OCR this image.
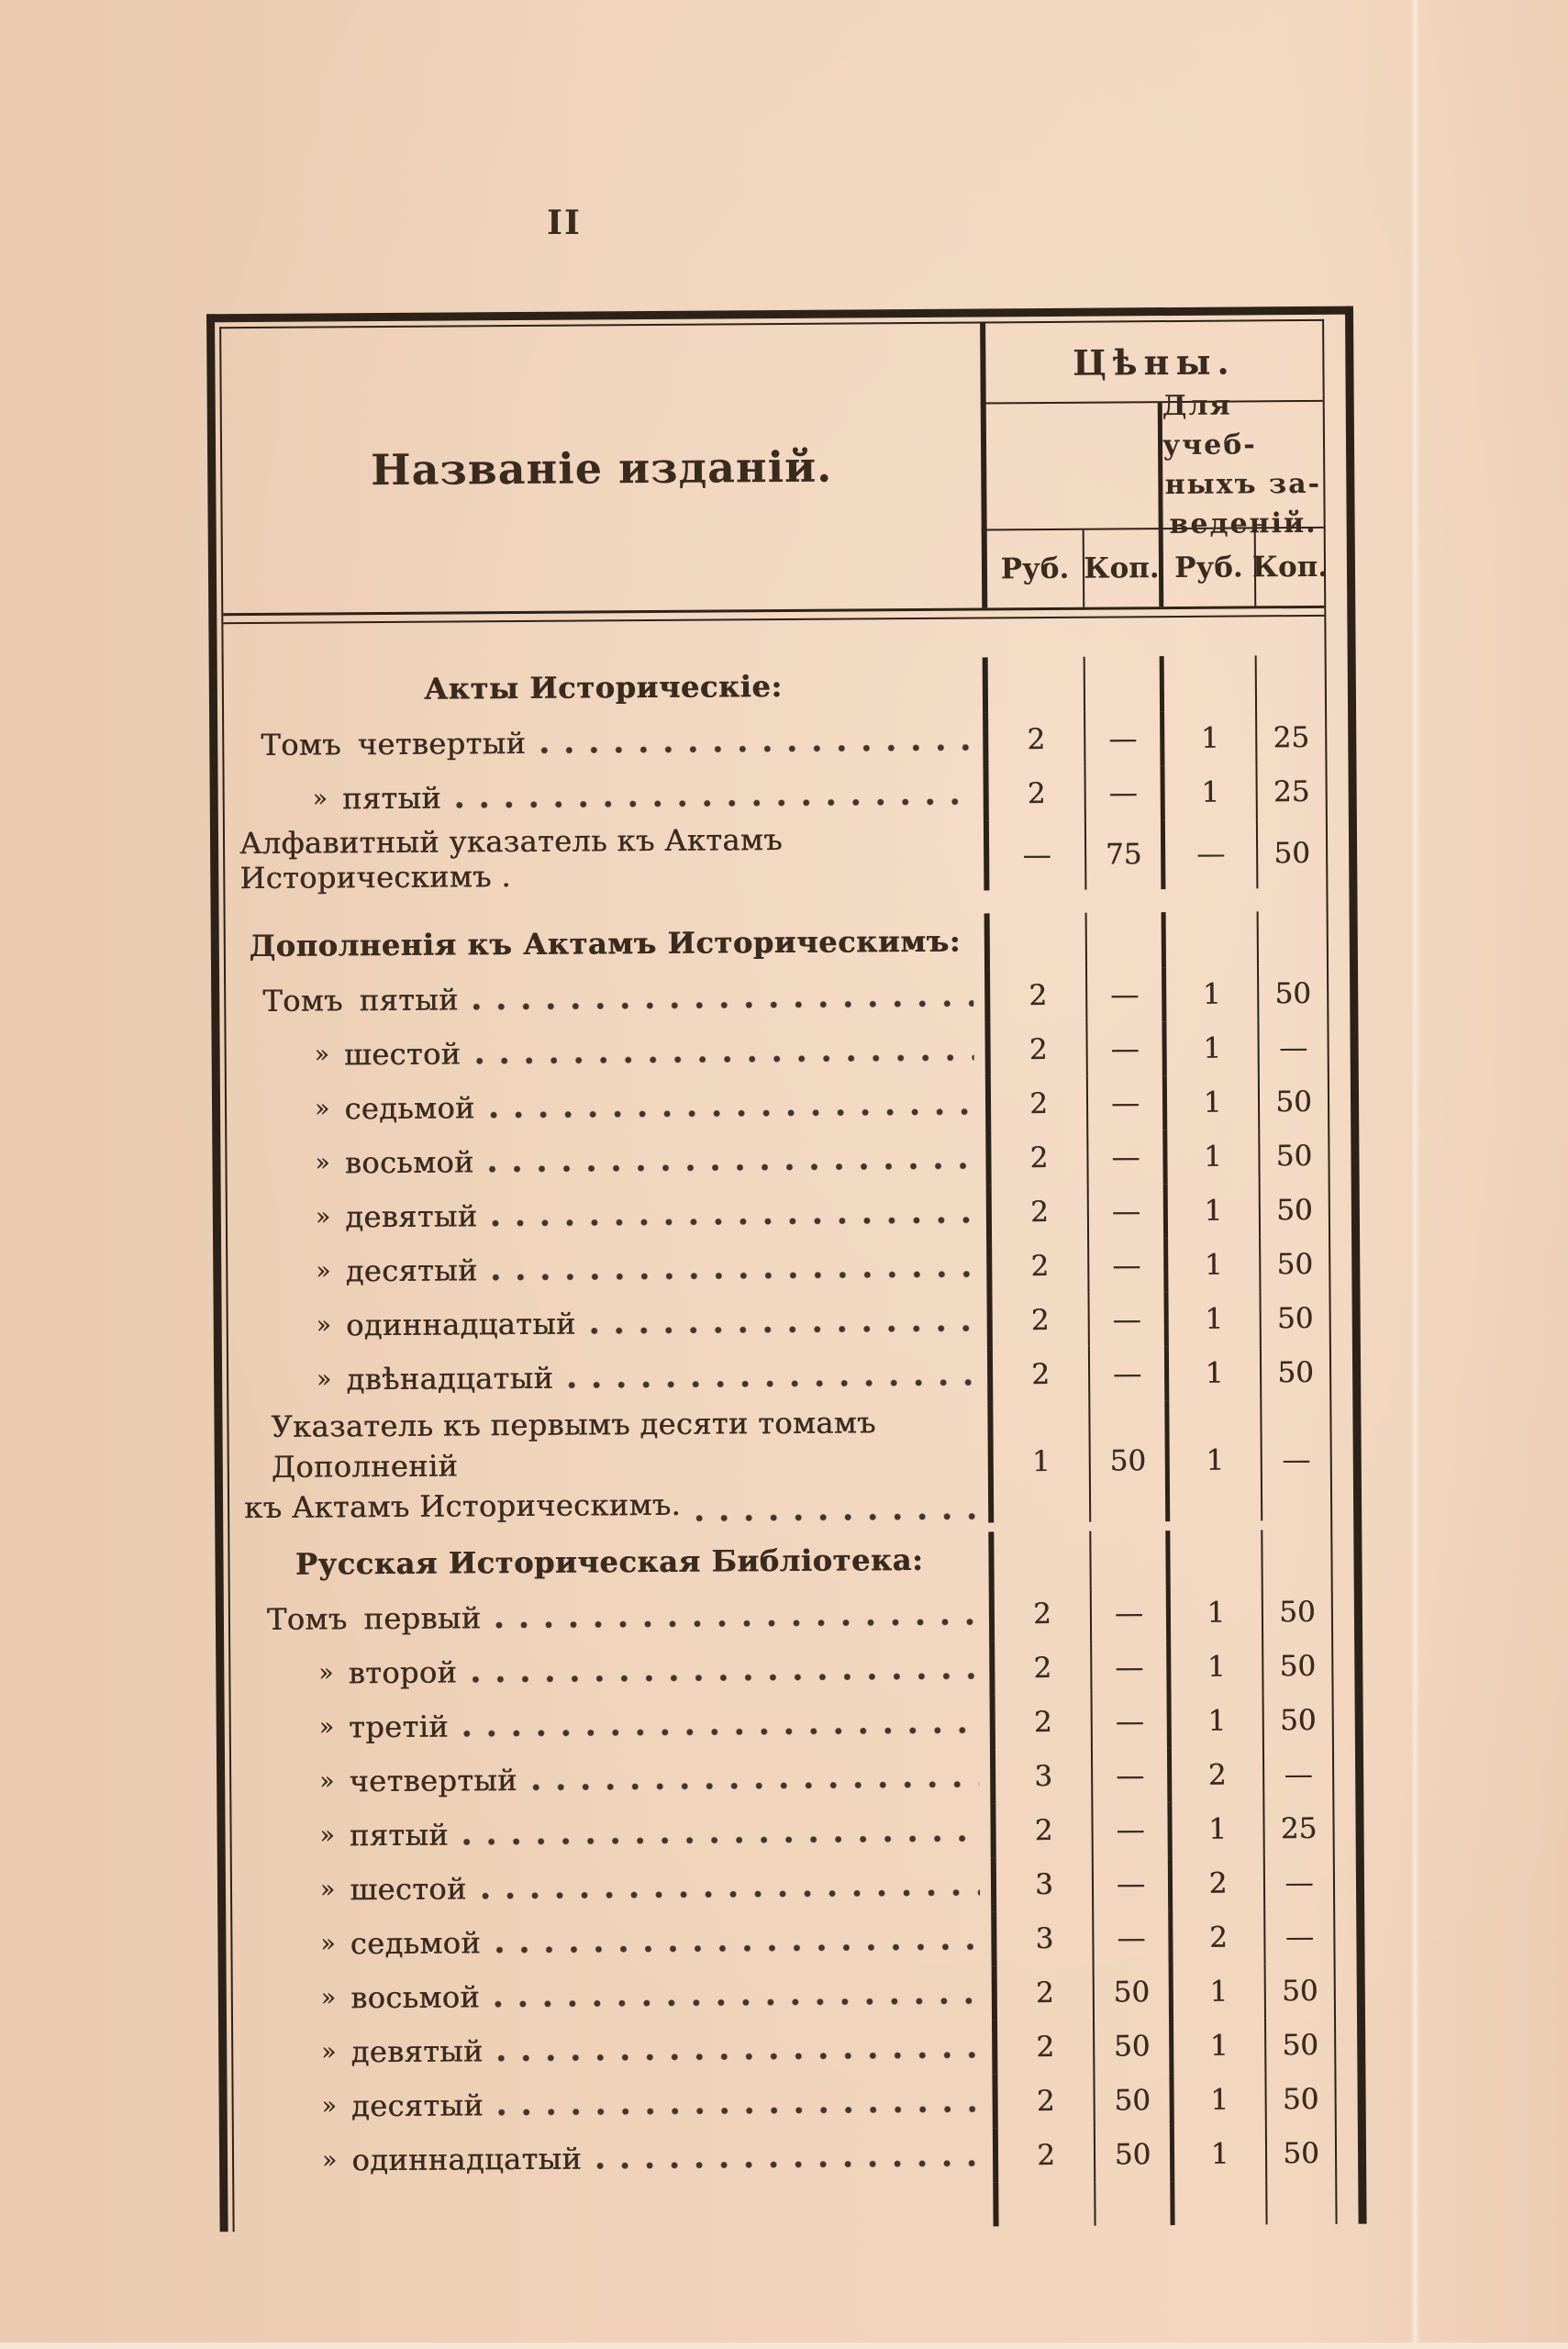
II
Названіе изданій.
Цѣны.
Для учеб-
ныхъ за-
веденій.
Руб. Коп. Руб. Коп.
Акты Историческіе:
Томъ четвертый	2	—	1	25
» пятый	2	—	1	25
Алфавитный указатель къ Актамъ Историческимъ .
—	75	—	50
Дополненія къ Актамъ Историческимъ:
Томъ пятый	2	—	1	50
» шестой	2	—	1	—
» седьмой	2	—	1	50
» восьмой	2	—	1	50
» девятый	2	—	1	50
» десятый	2	—	1	50
» одиннадцатый	2	—	1	50
» двѣнадцатый	2	—	1	50
Указатель къ первымъ десяти томамъ Дополненій
къ Актамъ Историческимъ.
1	50	1	—
Русская Историческая Библіотека:
Томъ первый	2	—	1	50
» второй	2	—	1	50
» третій	2	—	1	50
» четвертый	3	—	2	—
» пятый	2	—	1	25
» шестой	3	—	2	—
» седьмой	3	—	2	—
» восьмой	2	50	1	50
» девятый	2	50	1	50
» десятый	2	50	1	50
» одиннадцатый	2	50	1	50
